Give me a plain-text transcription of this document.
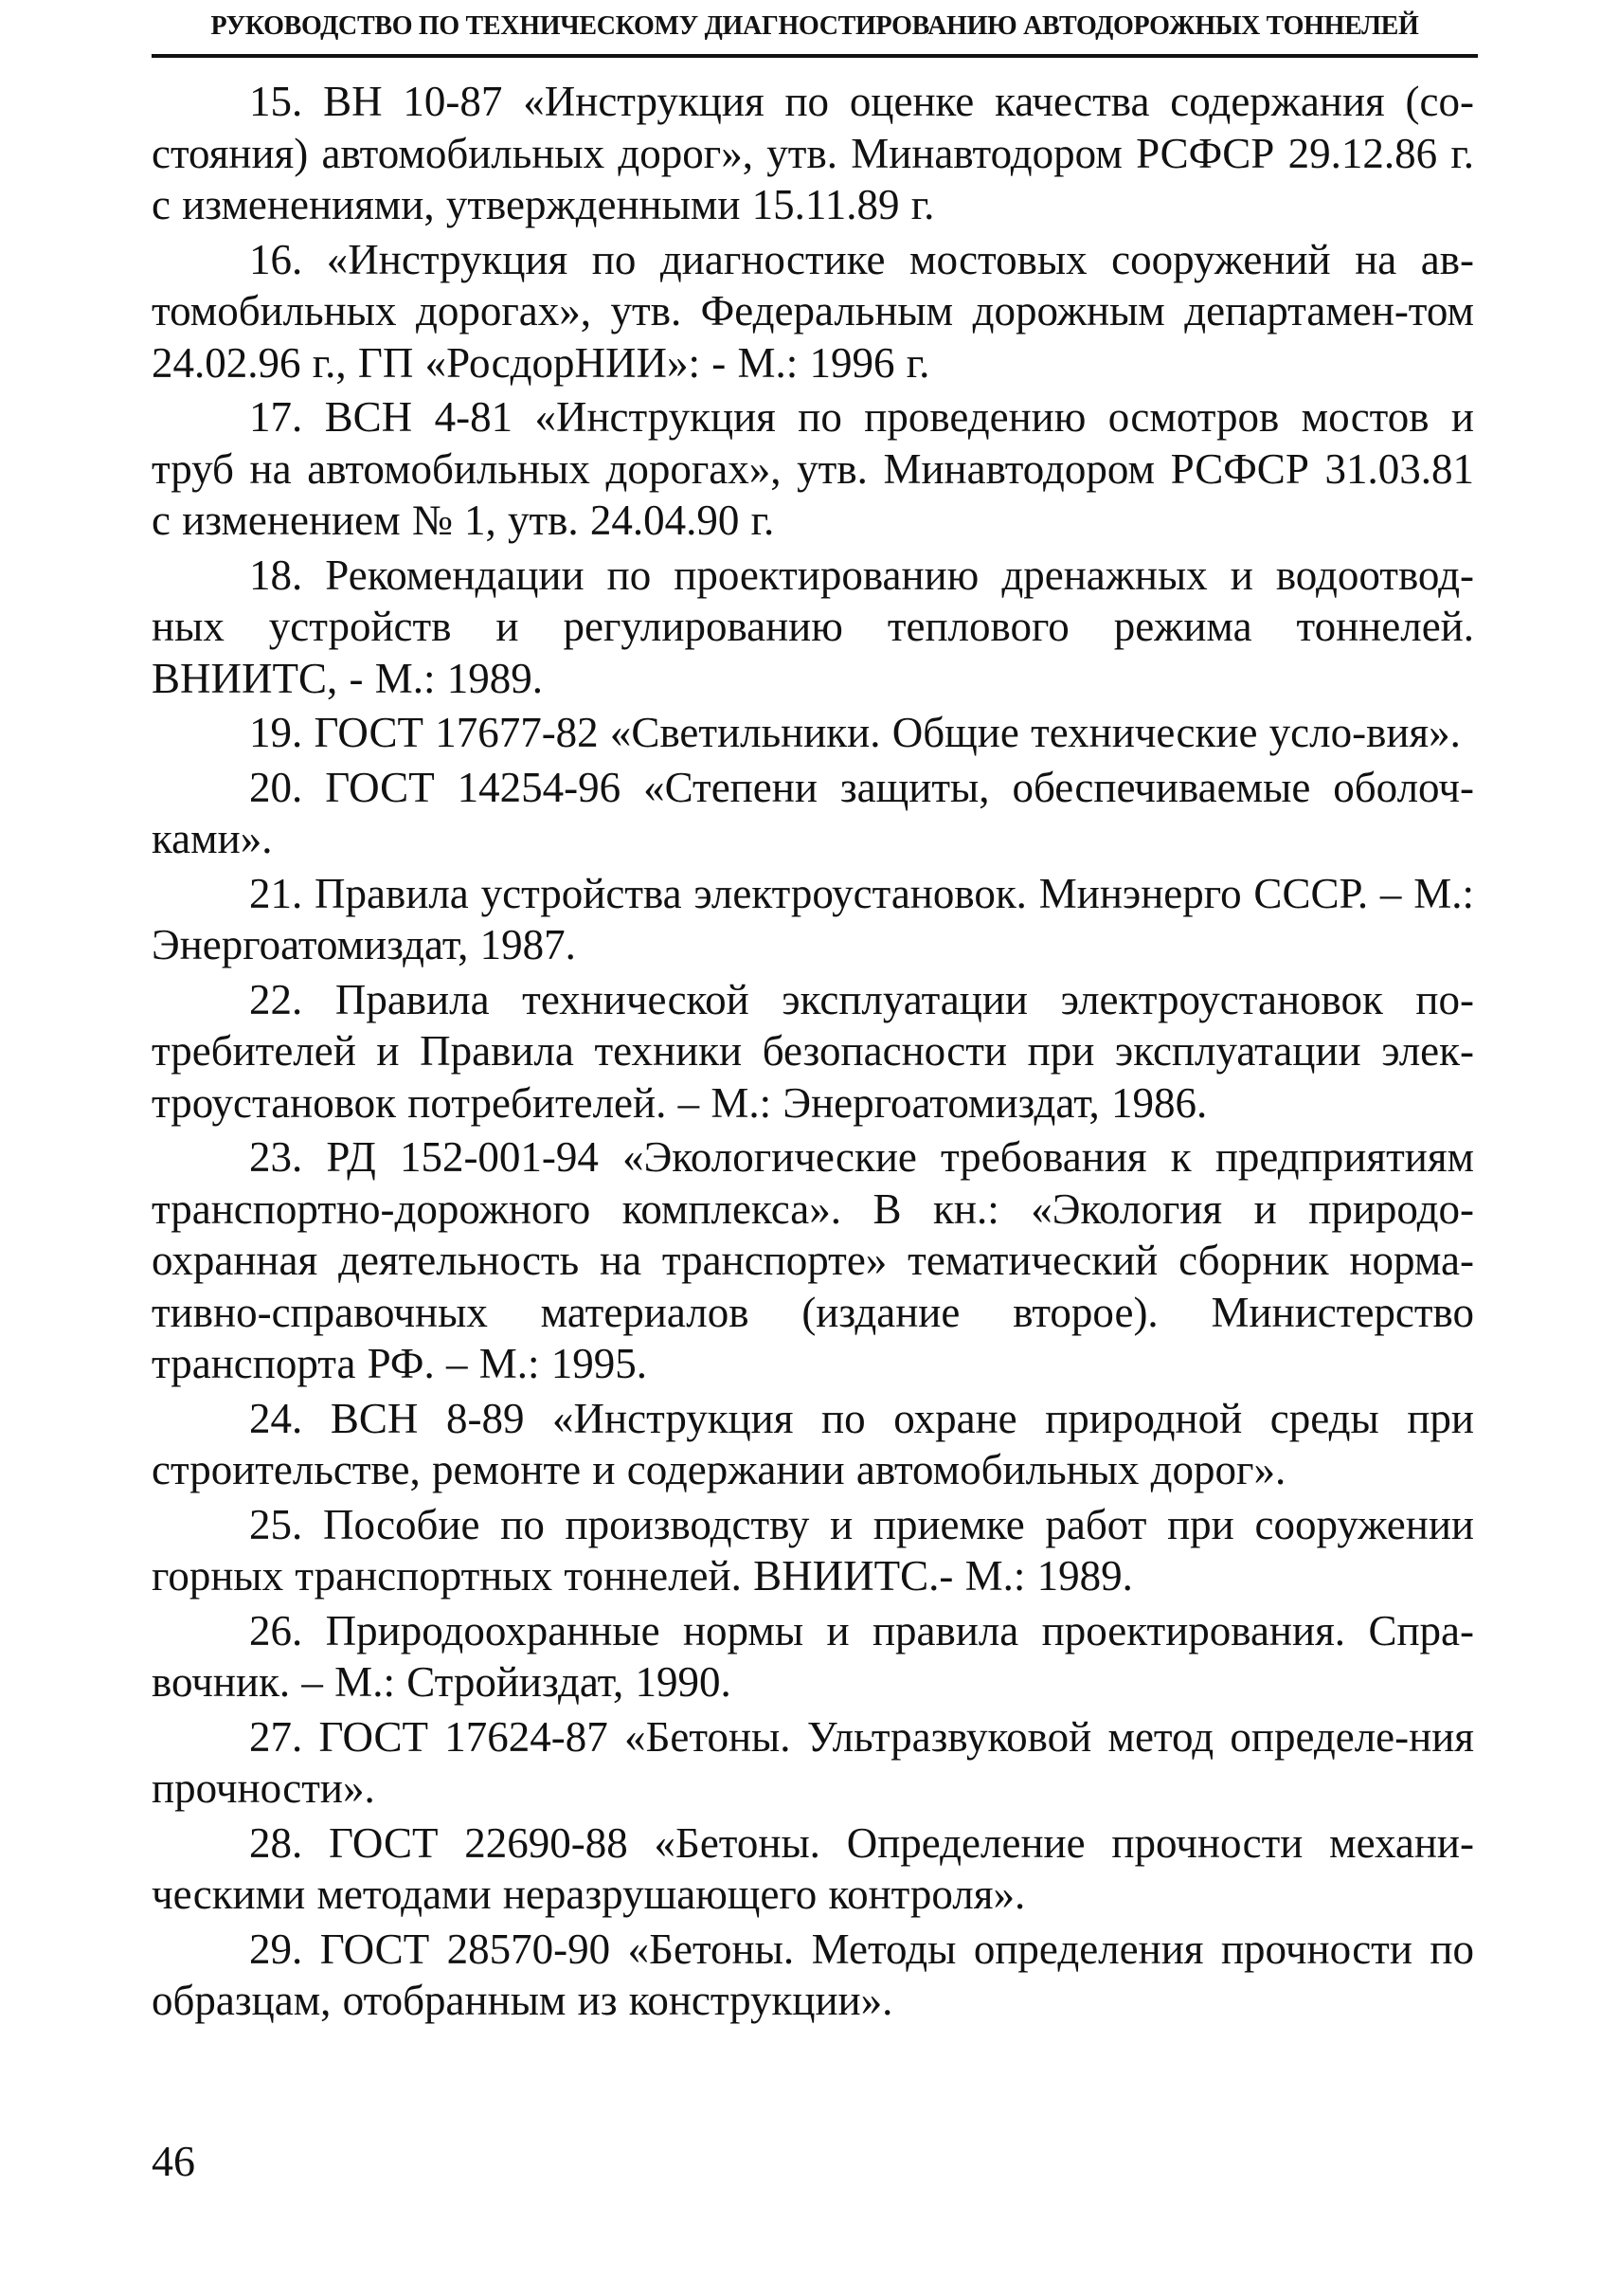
РУКОВОДСТВО ПО ТЕХНИЧЕСКОМУ ДИАГНОСТИРОВАНИЮ АВТОДОРОЖНЫХ ТОННЕЛЕЙ

15. ВН 10-87 «Инструкция по оценке качества содержания (со-стояния) автомобильных дорог», утв. Минавтодором РСФСР 29.12.86 г. с изменениями, утвержденными 15.11.89 г.

16. «Инструкция по диагностике мостовых сооружений на ав-томобильных дорогах», утв. Федеральным дорожным департамен-том 24.02.96 г., ГП «РосдорНИИ»: - М.: 1996 г.

17. ВСН 4-81 «Инструкция по проведению осмотров мостов и труб на автомобильных дорогах», утв. Минавтодором РСФСР 31.03.81 с изменением № 1, утв. 24.04.90 г.

18. Рекомендации по проектированию дренажных и водоотвод-ных устройств и регулированию теплового режима тоннелей. ВНИИТС, - М.: 1989.

19. ГОСТ 17677-82 «Светильники. Общие технические усло-вия».

20. ГОСТ 14254-96 «Степени защиты, обеспечиваемые оболоч-ками».

21. Правила устройства электроустановок. Минэнерго СССР. – М.: Энергоатомиздат, 1987.

22. Правила технической эксплуатации электроустановок по-требителей и Правила техники безопасности при эксплуатации элек-троустановок потребителей. – М.: Энергоатомиздат, 1986.

23. РД 152-001-94 «Экологические требования к предприятиям транспортно-дорожного комплекса». В кн.: «Экология и природо-охранная деятельность на транспорте» тематический сборник норма-тивно-справочных материалов (издание второе). Министерство транспорта РФ. – М.: 1995.

24. ВСН 8-89 «Инструкция по охране природной среды при строительстве, ремонте и содержании автомобильных дорог».

25. Пособие по производству и приемке работ при сооружении горных транспортных тоннелей. ВНИИТС.- М.: 1989.

26. Природоохранные нормы и правила проектирования. Спра-вочник. – М.: Стройиздат, 1990.

27. ГОСТ 17624-87 «Бетоны. Ультразвуковой метод определе-ния прочности».

28. ГОСТ 22690-88 «Бетоны. Определение прочности механи-ческими методами неразрушающего контроля».

29. ГОСТ 28570-90 «Бетоны. Методы определения прочности по образцам, отобранным из конструкции».

46
